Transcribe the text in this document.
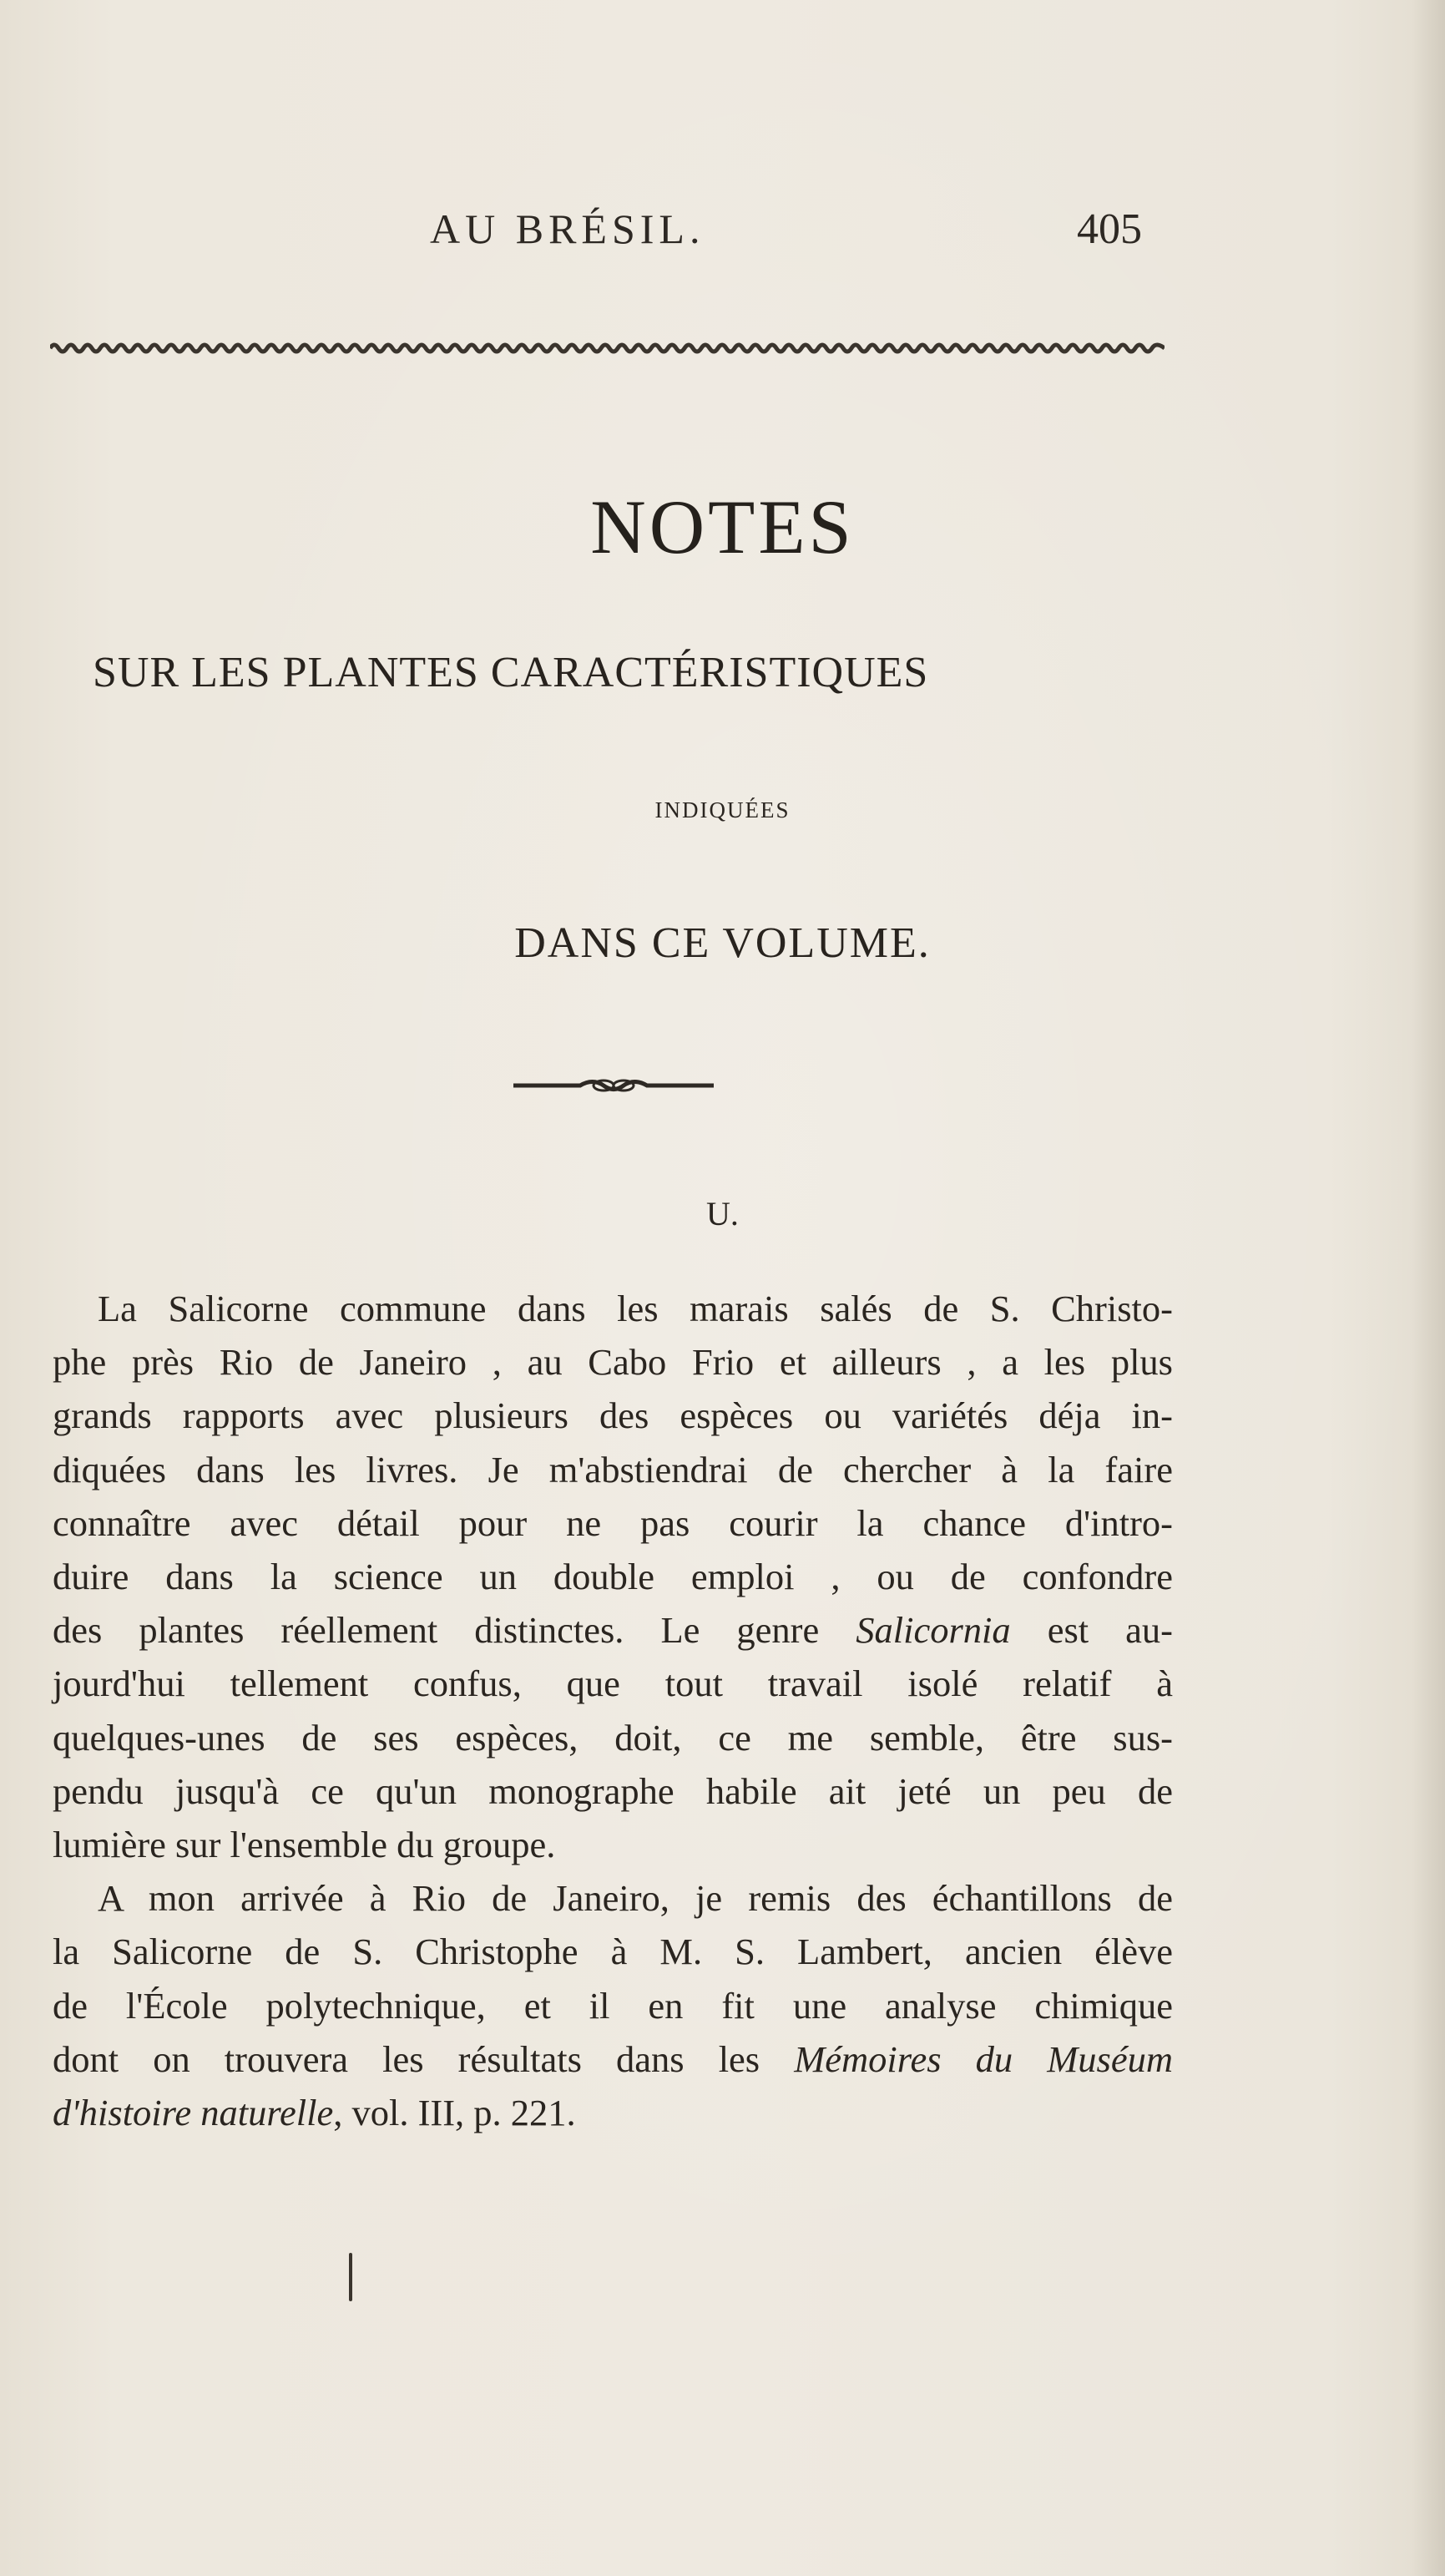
AU BRÉSIL.	405
NOTES
SUR LES PLANTES CARACTÉRISTIQUES
INDIQUÉES
DANS CE VOLUME.
U.

La Salicorne commune dans les marais salés de S. Christo-
phe près Rio de Janeiro , au Cabo Frio et ailleurs , a les plus
grands rapports avec plusieurs des espèces ou variétés déja in-
diquées dans les livres. Je m'abstiendrai de chercher à la faire
connaître avec détail pour ne pas courir la chance d'intro-
duire dans la science un double emploi , ou de confondre
des plantes réellement distinctes. Le genre Salicornia est au-
jourd'hui tellement confus, que tout travail isolé relatif à
quelques-unes de ses espèces, doit, ce me semble, être sus-
pendu jusqu'à ce qu'un monographe habile ait jeté un peu de
lumière sur l'ensemble du groupe.

A mon arrivée à Rio de Janeiro, je remis des échantillons de
la Salicorne de S. Christophe à M. S. Lambert, ancien élève
de l'École polytechnique, et il en fit une analyse chimique
dont on trouvera les résultats dans les Mémoires du Muséum
d'histoire naturelle, vol. III, p. 221.
